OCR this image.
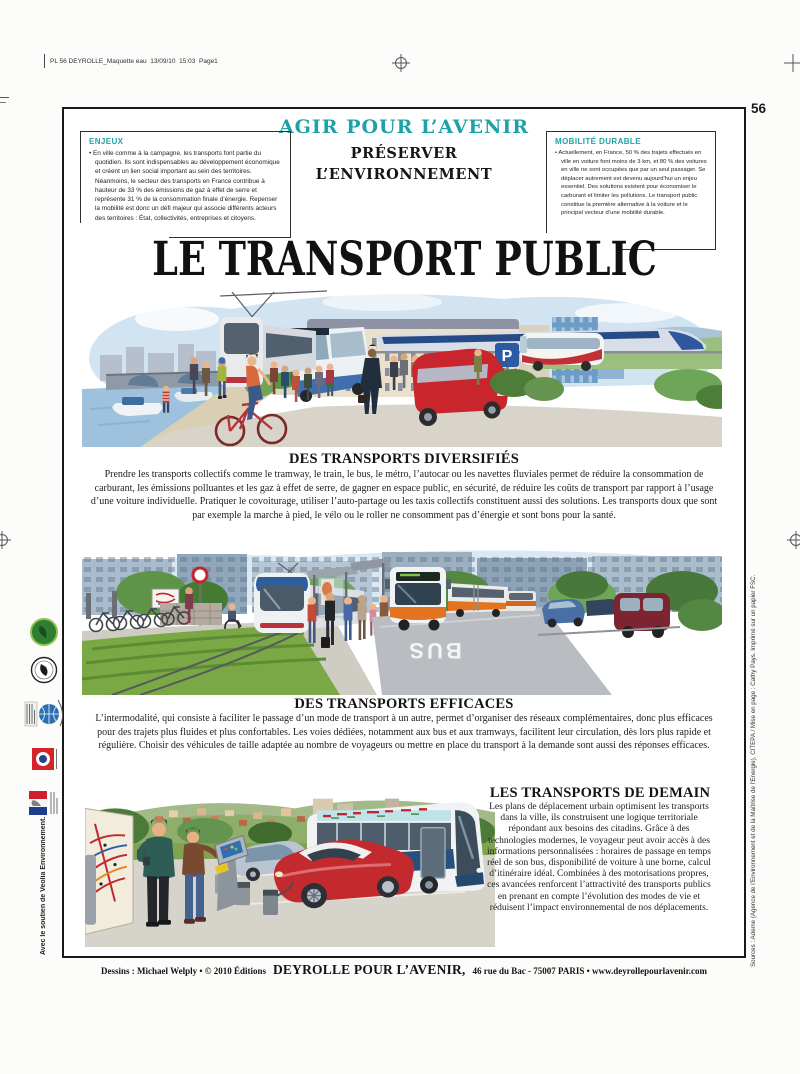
PL 56 DEYROLLE_Maquette eau  13/09/10  15:03  Page1
56
AGIR POUR L’AVENIR
PRÉSERVER
L’ENVIRONNEMENT
ENJEUX

• En ville comme à la campagne, les transports font partie du quotidien. Ils sont indispensables au développement économique et créent un lien social important au sein des territoires. Néanmoins, le secteur des transports en France contribue à hauteur de 33 % des émissions de gaz à effet de serre et représente 31 % de la consommation finale d’énergie. Repenser la mobilité est donc un défi majeur qui associe différents acteurs des territoires : État, collectivités, entreprises et citoyens.

MOBILITÉ DURABLE

• Actuellement, en France, 50 % des trajets effectués en ville en voiture font moins de 3 km, et 80 % des voitures en ville ne sont occupées que par un seul passager. Se déplacer autrement est devenu aujourd’hui un enjeu essentiel. Des solutions existent pour économiser le carburant et limiter les pollutions. Le transport public constitue la première alternative à la voiture et le principal vecteur d’une mobilité durable.

LE TRANSPORT PUBLIC
P
DES TRANSPORTS DIVERSIFIÉS
Prendre les transports collectifs comme le tramway, le train, le bus, le métro, l’autocar ou les navettes fluviales permet de réduire la consommation de carburant, les émissions polluantes et les gaz à effet de serre, de gagner en espace public, en sécurité, de réduire les coûts de transport par rapport à l’usage d’une voiture individuelle. Pratiquer le covoiturage, utiliser l’auto-partage ou les taxis collectifs constituent aussi des solutions. Les transports doux que sont par exemple la marche à pied, le vélo ou le roller ne consomment pas d’énergie et sont bons pour la santé.
BUS
DES TRANSPORTS EFFICACES
L’intermodalité, qui consiste à faciliter le passage d’un mode de transport à un autre, permet d’organiser des réseaux complémentaires, donc plus efficaces pour des trajets plus fluides et plus confortables. Les voies dédiées, notamment aux bus et aux tramways, facilitent leur circulation, dès lors plus rapide et régulière. Choisir des véhicules de taille adaptée au nombre de voyageurs ou mettre en place du transport à la demande sont aussi des réponses efficaces.
LES TRANSPORTS DE DEMAIN
Les plans de déplacement urbain optimisent les transports dans la ville, ils construisent une logique territoriale répondant aux besoins des citadins. Grâce à des technologies modernes, le voyageur peut avoir accès à des informations personnalisées : horaires de passage en temps réel de son bus, disponibilité de voiture à une borne, calcul d’itinéraire idéal. Combinées à des motorisations propres, ces avancées renforcent l’attractivité des transports publics en prenant en compte l’évolution des modes de vie et réduisent l’impact environnemental de nos déplacements.
Avec le soutien de Veolia Environnement.	Sources : Ademe (Agence de l’Environnement et de la Maîtrise de l’Énergie), CITEPA / Mise en page : Cathy Pays. Imprimé sur un papier FSC.
Dessins : Michael Welply • © 2010 Éditions DEYROLLE POUR L’AVENIR, 46 rue du Bac - 75007 PARIS • www.deyrollepourlavenir.com
